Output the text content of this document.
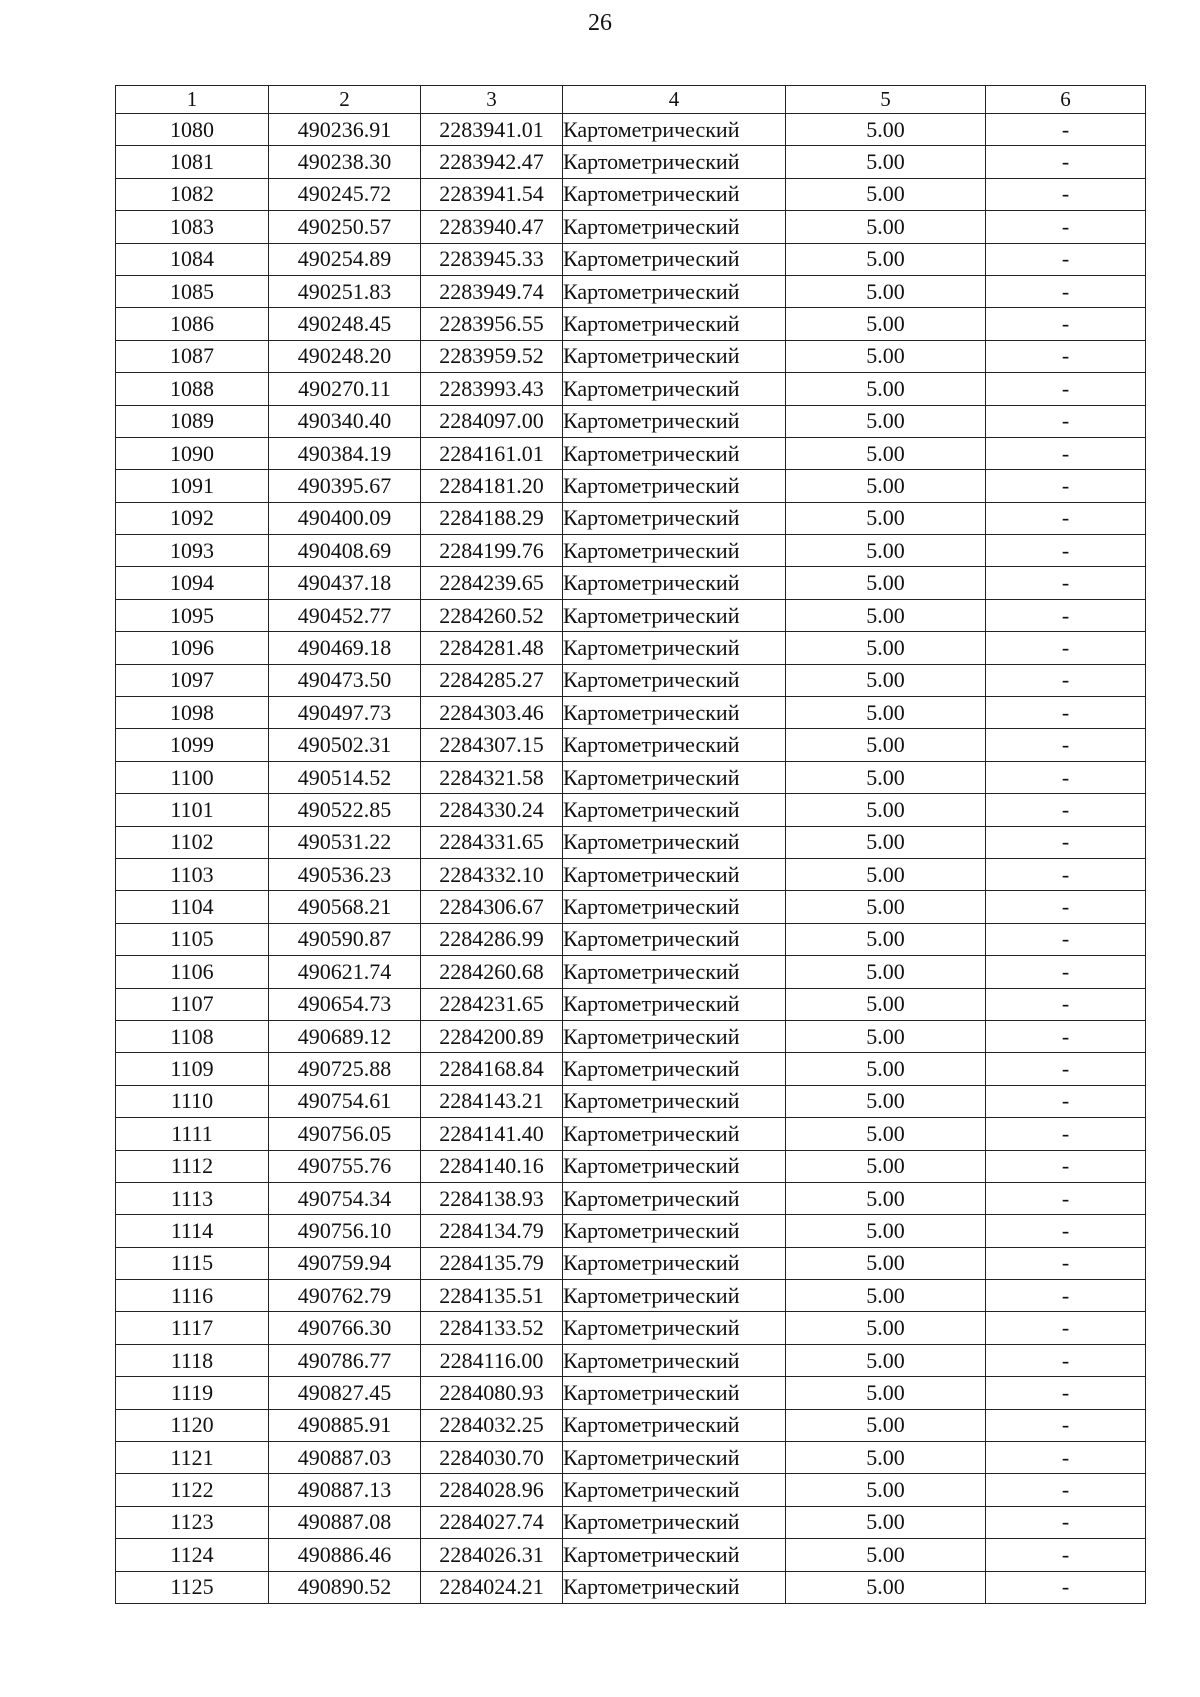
26
1	2	3	4	5	6
1080	490236.91	2283941.01	Картометрический	5.00	-
1081	490238.30	2283942.47	Картометрический	5.00	-
1082	490245.72	2283941.54	Картометрический	5.00	-
1083	490250.57	2283940.47	Картометрический	5.00	-
1084	490254.89	2283945.33	Картометрический	5.00	-
1085	490251.83	2283949.74	Картометрический	5.00	-
1086	490248.45	2283956.55	Картометрический	5.00	-
1087	490248.20	2283959.52	Картометрический	5.00	-
1088	490270.11	2283993.43	Картометрический	5.00	-
1089	490340.40	2284097.00	Картометрический	5.00	-
1090	490384.19	2284161.01	Картометрический	5.00	-
1091	490395.67	2284181.20	Картометрический	5.00	-
1092	490400.09	2284188.29	Картометрический	5.00	-
1093	490408.69	2284199.76	Картометрический	5.00	-
1094	490437.18	2284239.65	Картометрический	5.00	-
1095	490452.77	2284260.52	Картометрический	5.00	-
1096	490469.18	2284281.48	Картометрический	5.00	-
1097	490473.50	2284285.27	Картометрический	5.00	-
1098	490497.73	2284303.46	Картометрический	5.00	-
1099	490502.31	2284307.15	Картометрический	5.00	-
1100	490514.52	2284321.58	Картометрический	5.00	-
1101	490522.85	2284330.24	Картометрический	5.00	-
1102	490531.22	2284331.65	Картометрический	5.00	-
1103	490536.23	2284332.10	Картометрический	5.00	-
1104	490568.21	2284306.67	Картометрический	5.00	-
1105	490590.87	2284286.99	Картометрический	5.00	-
1106	490621.74	2284260.68	Картометрический	5.00	-
1107	490654.73	2284231.65	Картометрический	5.00	-
1108	490689.12	2284200.89	Картометрический	5.00	-
1109	490725.88	2284168.84	Картометрический	5.00	-
1110	490754.61	2284143.21	Картометрический	5.00	-
1111	490756.05	2284141.40	Картометрический	5.00	-
1112	490755.76	2284140.16	Картометрический	5.00	-
1113	490754.34	2284138.93	Картометрический	5.00	-
1114	490756.10	2284134.79	Картометрический	5.00	-
1115	490759.94	2284135.79	Картометрический	5.00	-
1116	490762.79	2284135.51	Картометрический	5.00	-
1117	490766.30	2284133.52	Картометрический	5.00	-
1118	490786.77	2284116.00	Картометрический	5.00	-
1119	490827.45	2284080.93	Картометрический	5.00	-
1120	490885.91	2284032.25	Картометрический	5.00	-
1121	490887.03	2284030.70	Картометрический	5.00	-
1122	490887.13	2284028.96	Картометрический	5.00	-
1123	490887.08	2284027.74	Картометрический	5.00	-
1124	490886.46	2284026.31	Картометрический	5.00	-
1125	490890.52	2284024.21	Картометрический	5.00	-
